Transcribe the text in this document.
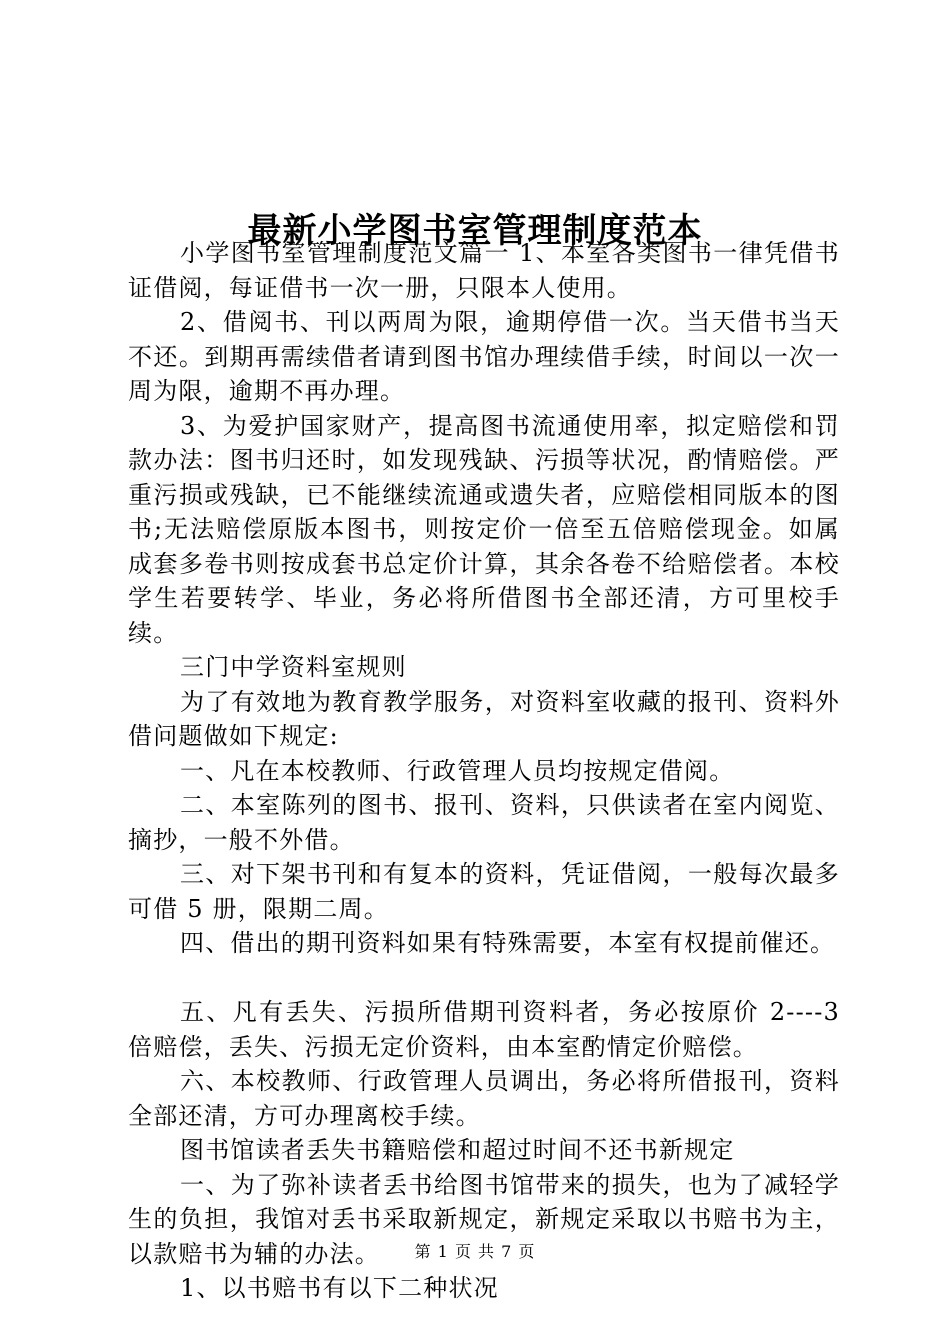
最新小学图书室管理制度范本

小学图书室管理制度范文篇一 1、本室各类图书一律凭借书证借阅，每证借书一次一册，只限本人使用。

2、借阅书、刊以两周为限，逾期停借一次。当天借书当天不还。到期再需续借者请到图书馆办理续借手续，时间以一次一周为限，逾期不再办理。

3、为爱护国家财产，提高图书流通使用率，拟定赔偿和罚款办法：图书归还时，如发现残缺、污损等状况，酌情赔偿。严重污损或残缺，已不能继续流通或遗失者，应赔偿相同版本的图书;无法赔偿原版本图书，则按定价一倍至五倍赔偿现金。如属成套多卷书则按成套书总定价计算，其余各卷不给赔偿者。本校学生若要转学、毕业，务必将所借图书全部还清，方可里校手续。

三门中学资料室规则

为了有效地为教育教学服务，对资料室收藏的报刊、资料外借问题做如下规定:

一、凡在本校教师、行政管理人员均按规定借阅。

二、本室陈列的图书、报刊、资料，只供读者在室内阅览、摘抄，一般不外借。

三、对下架书刊和有复本的资料，凭证借阅，一般每次最多可借 5 册，限期二周。

四、借出的期刊资料如果有特殊需要，本室有权提前催还。

五、凡有丢失、污损所借期刊资料者，务必按原价 2----3 倍赔偿，丢失、污损无定价资料，由本室酌情定价赔偿。

六、本校教师、行政管理人员调出，务必将所借报刊，资料全部还清，方可办理离校手续。

图书馆读者丢失书籍赔偿和超过时间不还书新规定

一、为了弥补读者丢书给图书馆带来的损失，也为了减轻学生的负担，我馆对丢书采取新规定，新规定采取以书赔书为主，以款赔书为辅的办法。

1、以书赔书有以下二种状况

第 1 页 共 7 页
